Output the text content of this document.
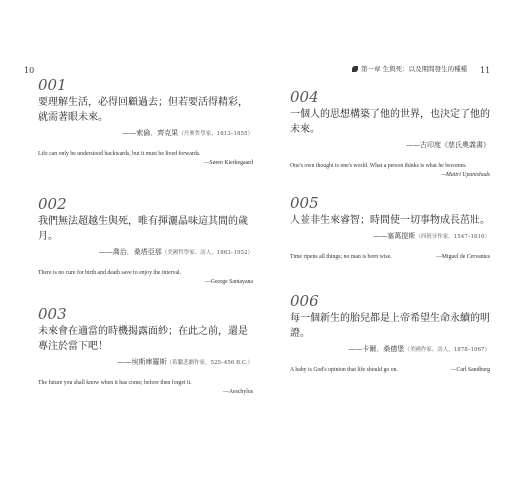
10	第一章 生與死：以及期間發生的種種 11
001
要理解生活，必得回顧過去；但若要活得精彩，就需著眼未來。
——索倫．齊克果（丹麥哲學家，1813–1855）
Life can only be understood backwards, but it must be lived forwards.
—Søren Kierkegaard
002
我們無法超越生與死，唯有揮灑晶味這其間的歲月。
——喬治．桑塔亞那（美國哲學家、詩人，1863–1952）
There is no cure for birth and death save to enjoy the interval.
—George Santayana
003
未來會在適當的時機揭露面紗；在此之前，還是專注於當下吧！
——埃斯庫羅斯（希臘悲劇作家，525–456 B.C.）
The future you shall know when it has come; before then forget it.
—Aeschylus
004
一個人的思想構築了他的世界，也決定了他的未來。
——古印度《慈氏奧義書》
One's own thought is one's world. What a person thinks is what he becomes.
—Maitri Upanishads
005
人並非生來睿智；時間使一切事物成長茁壯。
——塞萬提斯（西班牙作家，1547–1616）
Time ripens all things; no man is born wise.	—Miguel de Cervantes
006
每一個新生的胎兒都是上帝希望生命永續的明證。
——卡爾．桑德堡（美國作家、詩人，1878–1967）
A baby is God's opinion that life should go on.	—Carl Sandburg
